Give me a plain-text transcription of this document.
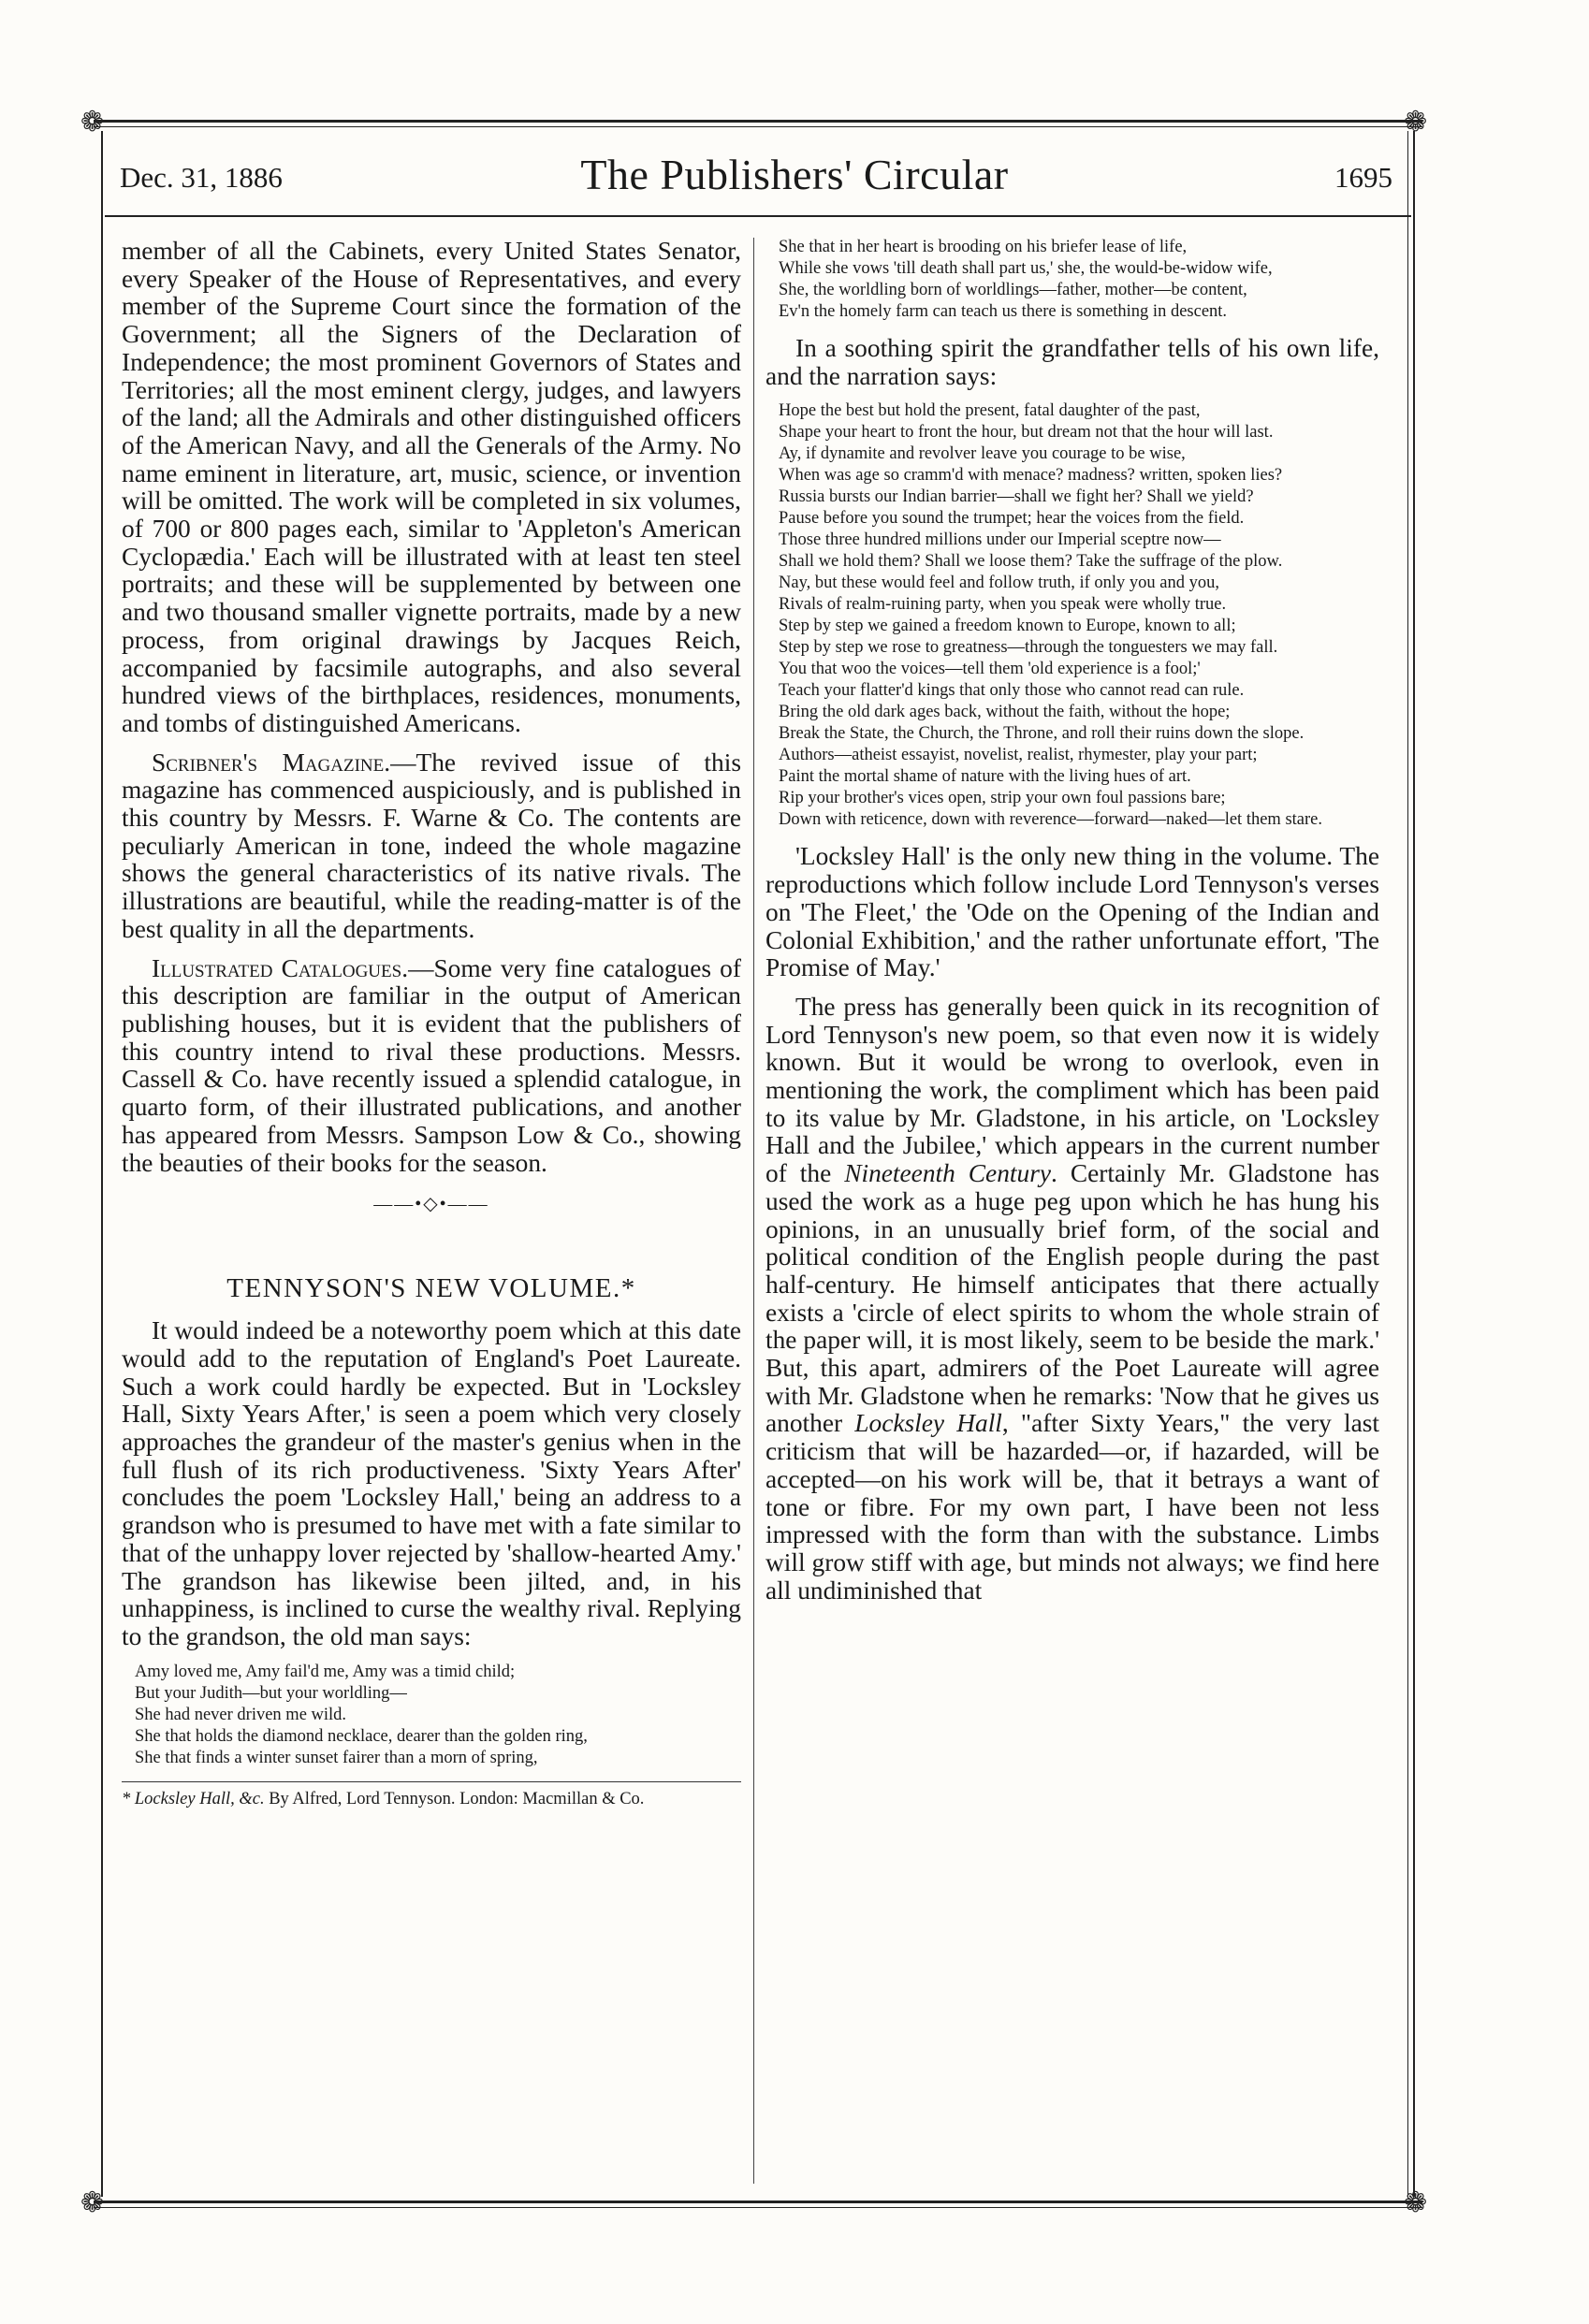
❁	❁
❁	❁
Dec. 31, 1886	The Publishers' Circular	1695

member of all the Cabinets, every United States Senator, every Speaker of the House of Representatives, and every member of the Supreme Court since the formation of the Government; all the Signers of the Declaration of Independence; the most prominent Governors of States and Territories; all the most eminent clergy, judges, and lawyers of the land; all the Admirals and other distinguished officers of the American Navy, and all the Generals of the Army. No name eminent in literature, art, music, science, or invention will be omitted. The work will be completed in six volumes, of 700 or 800 pages each, similar to 'Appleton's American Cyclopædia.' Each will be illustrated with at least ten steel portraits; and these will be supplemented by between one and two thousand smaller vignette portraits, made by a new process, from original drawings by Jacques Reich, accompanied by facsimile autographs, and also several hundred views of the birthplaces, residences, monuments, and tombs of distinguished Americans.

Scribner's Magazine.—The revived issue of this magazine has commenced auspiciously, and is published in this country by Messrs. F. Warne & Co. The contents are peculiarly American in tone, indeed the whole magazine shows the general characteristics of its native rivals. The illustrations are beautiful, while the reading-matter is of the best quality in all the departments.

Illustrated Catalogues.—Some very fine catalogues of this description are familiar in the output of American publishing houses, but it is evident that the publishers of this country intend to rival these productions. Messrs. Cassell & Co. have recently issued a splendid catalogue, in quarto form, of their illustrated publications, and another has appeared from Messrs. Sampson Low & Co., showing the beauties of their books for the season.

——•◇•——
TENNYSON'S NEW VOLUME.*

It would indeed be a noteworthy poem which at this date would add to the reputation of England's Poet Laureate. Such a work could hardly be expected. But in 'Locksley Hall, Sixty Years After,' is seen a poem which very closely approaches the grandeur of the master's genius when in the full flush of its rich productiveness. 'Sixty Years After' concludes the poem 'Locksley Hall,' being an address to a grandson who is presumed to have met with a fate similar to that of the unhappy lover rejected by 'shallow-hearted Amy.' The grandson has likewise been jilted, and, in his unhappiness, is inclined to curse the wealthy rival. Replying to the grandson, the old man says:

Amy loved me, Amy fail'd me, Amy was a timid child;

But your Judith—but your worldling—

She had never driven me wild.

She that holds the diamond necklace, dearer than the golden ring,

She that finds a winter sunset fairer than a morn of spring,

* Locksley Hall, &c. By Alfred, Lord Tennyson. London: Macmillan & Co.

She that in her heart is brooding on his briefer lease of life,

While she vows 'till death shall part us,' she, the would-be-widow wife,

She, the worldling born of worldlings—father, mother—be content,

Ev'n the homely farm can teach us there is something in descent.

In a soothing spirit the grandfather tells of his own life, and the narration says:

Hope the best but hold the present, fatal daughter of the past,

Shape your heart to front the hour, but dream not that the hour will last.

Ay, if dynamite and revolver leave you courage to be wise,

When was age so cramm'd with menace? madness? written, spoken lies?

Russia bursts our Indian barrier—shall we fight her? Shall we yield?

Pause before you sound the trumpet; hear the voices from the field.

Those three hundred millions under our Imperial sceptre now—

Shall we hold them? Shall we loose them? Take the suffrage of the plow.

Nay, but these would feel and follow truth, if only you and you,

Rivals of realm-ruining party, when you speak were wholly true.

Step by step we gained a freedom known to Europe, known to all;

Step by step we rose to greatness—through the tonguesters we may fall.

You that woo the voices—tell them 'old experience is a fool;'

Teach your flatter'd kings that only those who cannot read can rule.

Bring the old dark ages back, without the faith, without the hope;

Break the State, the Church, the Throne, and roll their ruins down the slope.

Authors—atheist essayist, novelist, realist, rhymester, play your part;

Paint the mortal shame of nature with the living hues of art.

Rip your brother's vices open, strip your own foul passions bare;

Down with reticence, down with reverence—forward—naked—let them stare.

'Locksley Hall' is the only new thing in the volume. The reproductions which follow include Lord Tennyson's verses on 'The Fleet,' the 'Ode on the Opening of the Indian and Colonial Exhibition,' and the rather unfortunate effort, 'The Promise of May.'

The press has generally been quick in its recognition of Lord Tennyson's new poem, so that even now it is widely known. But it would be wrong to overlook, even in mentioning the work, the compliment which has been paid to its value by Mr. Gladstone, in his article, on 'Locksley Hall and the Jubilee,' which appears in the current number of the Nineteenth Century. Certainly Mr. Gladstone has used the work as a huge peg upon which he has hung his opinions, in an unusually brief form, of the social and political condition of the English people during the past half-century. He himself anticipates that there actually exists a 'circle of elect spirits to whom the whole strain of the paper will, it is most likely, seem to be beside the mark.' But, this apart, admirers of the Poet Laureate will agree with Mr. Gladstone when he remarks: 'Now that he gives us another Locksley Hall, "after Sixty Years," the very last criticism that will be hazarded—or, if hazarded, will be accepted—on his work will be, that it betrays a want of tone or fibre. For my own part, I have been not less impressed with the form than with the substance. Limbs will grow stiff with age, but minds not always; we find here all undiminished that
